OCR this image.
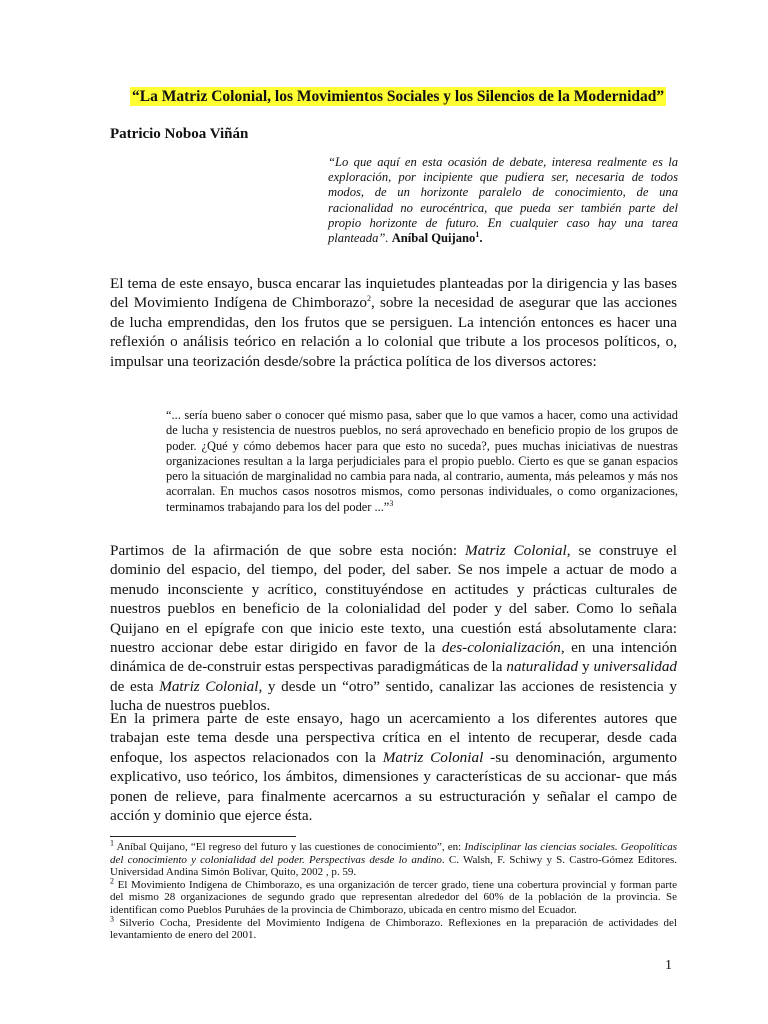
“La Matriz Colonial, los Movimientos Sociales y los Silencios de la Modernidad”
Patricio Noboa Viñán
“Lo que aquí en esta ocasión de debate, interesa realmente es la exploración, por incipiente que pudiera ser, necesaria de todos modos, de un horizonte paralelo de conocimiento, de una racionalidad no eurocéntrica, que pueda ser también parte del propio horizonte de futuro. En cualquier caso hay una tarea planteada”. Aníbal Quijano$^1$.
El tema de este ensayo, busca encarar las inquietudes planteadas por la dirigencia y las bases del Movimiento Indígena de Chimborazo$^2$, sobre la necesidad de asegurar que las acciones de lucha emprendidas, den los frutos que se persiguen. La intención entonces es hacer una reflexión o análisis teórico en relación a lo colonial que tribute a los procesos políticos, o, impulsar una teorización desde/sobre la práctica política de los diversos actores:
“... sería bueno saber o conocer qué mismo pasa, saber que lo que vamos a hacer, como una actividad de lucha y resistencia de nuestros pueblos, no será aprovechado en beneficio propio de los grupos de poder. ¿Qué y cómo debemos hacer para que esto no suceda?, pues muchas iniciativas de nuestras organizaciones resultan a la larga perjudiciales para el propio pueblo. Cierto es que se ganan espacios pero la situación de marginalidad no cambia para nada, al contrario, aumenta, más peleamos y más nos acorralan. En muchos casos nosotros mismos, como personas individuales, o como organizaciones, terminamos trabajando para los del poder ...”$^3$
Partimos de la afirmación de que sobre esta noción: Matriz Colonial, se construye el dominio del espacio, del tiempo, del poder, del saber. Se nos impele a actuar de modo a menudo inconsciente y acrítico, constituyéndose en actitudes y prácticas culturales de nuestros pueblos en beneficio de la colonialidad del poder y del saber. Como lo señala Quijano en el epígrafe con que inicio este texto, una cuestión está absolutamente clara: nuestro accionar debe estar dirigido en favor de la des-colonialización, en una intención dinámica de de-construir estas perspectivas paradigmáticas de la naturalidad y universalidad de esta Matriz Colonial, y desde un “otro” sentido, canalizar las acciones de resistencia y lucha de nuestros pueblos.
En la primera parte de este ensayo, hago un acercamiento a los diferentes autores que trabajan este tema desde una perspectiva crítica en el intento de recuperar, desde cada enfoque, los aspectos relacionados con la Matriz Colonial -su denominación, argumento explicativo, uso teórico, los ámbitos, dimensiones y características de su accionar- que más ponen de relieve, para finalmente acercarnos a su estructuración y señalar el campo de acción y dominio que ejerce ésta.

$^1$ Aníbal Quijano, “El regreso del futuro y las cuestiones de conocimiento”, en: Indisciplinar las ciencias sociales. Geopolíticas del conocimiento y colonialidad del poder. Perspectivas desde lo andino. C. Walsh, F. Schiwy y S. Castro-Gómez Editores. Universidad Andina Simón Bolívar, Quito, 2002 , p. 59.

$^2$ El Movimiento Indígena de Chimborazo, es una organización de tercer grado, tiene una cobertura provincial y forman parte del mismo 28 organizaciones de segundo grado que representan alrededor del 60% de la población de la provincia. Se identifican como Pueblos Puruháes de la provincia de Chimborazo, ubicada en centro mismo del Ecuador.

$^3$ Silverio Cocha, Presidente del Movimiento Indígena de Chimborazo. Reflexiones en la preparación de actividades del levantamiento de enero del 2001.

1
